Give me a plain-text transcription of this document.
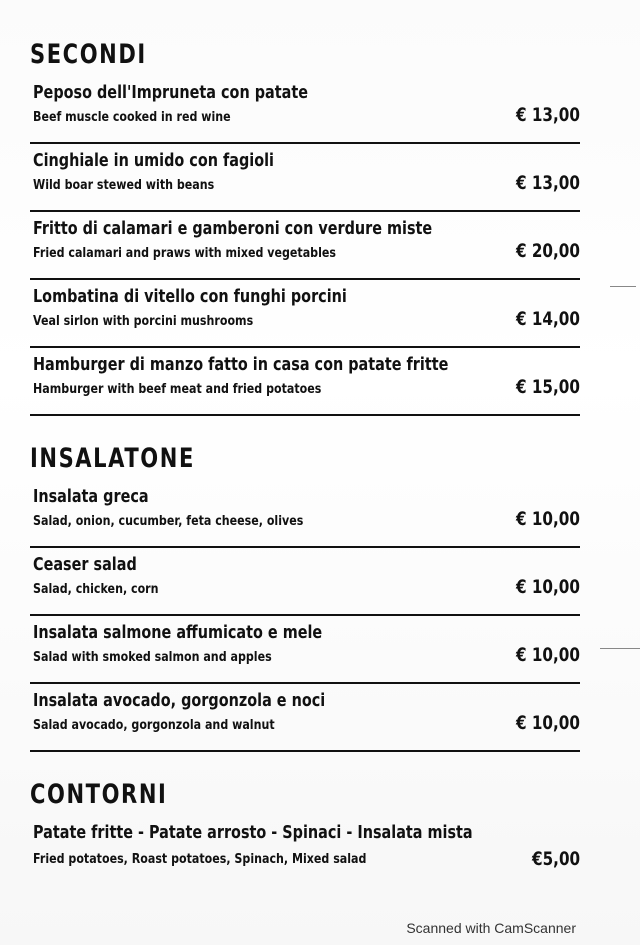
SECONDI
Peposo dell'Impruneta con patate
Beef muscle cooked in red wine	€ 13,00
Cinghiale in umido con fagioli
Wild boar stewed with beans	€ 13,00
Fritto di calamari e gamberoni con verdure miste
Fried calamari and praws with mixed vegetables	€ 20,00
Lombatina di vitello con funghi porcini
Veal sirlon with porcini mushrooms	€ 14,00
Hamburger di manzo fatto in casa con patate fritte
Hamburger with beef meat and fried potatoes	€ 15,00
INSALATONE
Insalata greca
Salad, onion, cucumber, feta cheese, olives	€ 10,00
Ceaser salad
Salad, chicken, corn	€ 10,00
Insalata salmone affumicato e mele
Salad with smoked salmon and apples	€ 10,00
Insalata avocado, gorgonzola e noci
Salad avocado, gorgonzola and walnut	€ 10,00
CONTORNI
Patate fritte - Patate arrosto - Spinaci - Insalata mista
Fried potatoes, Roast potatoes, Spinach, Mixed salad	€5,00
Scanned with CamScanner
